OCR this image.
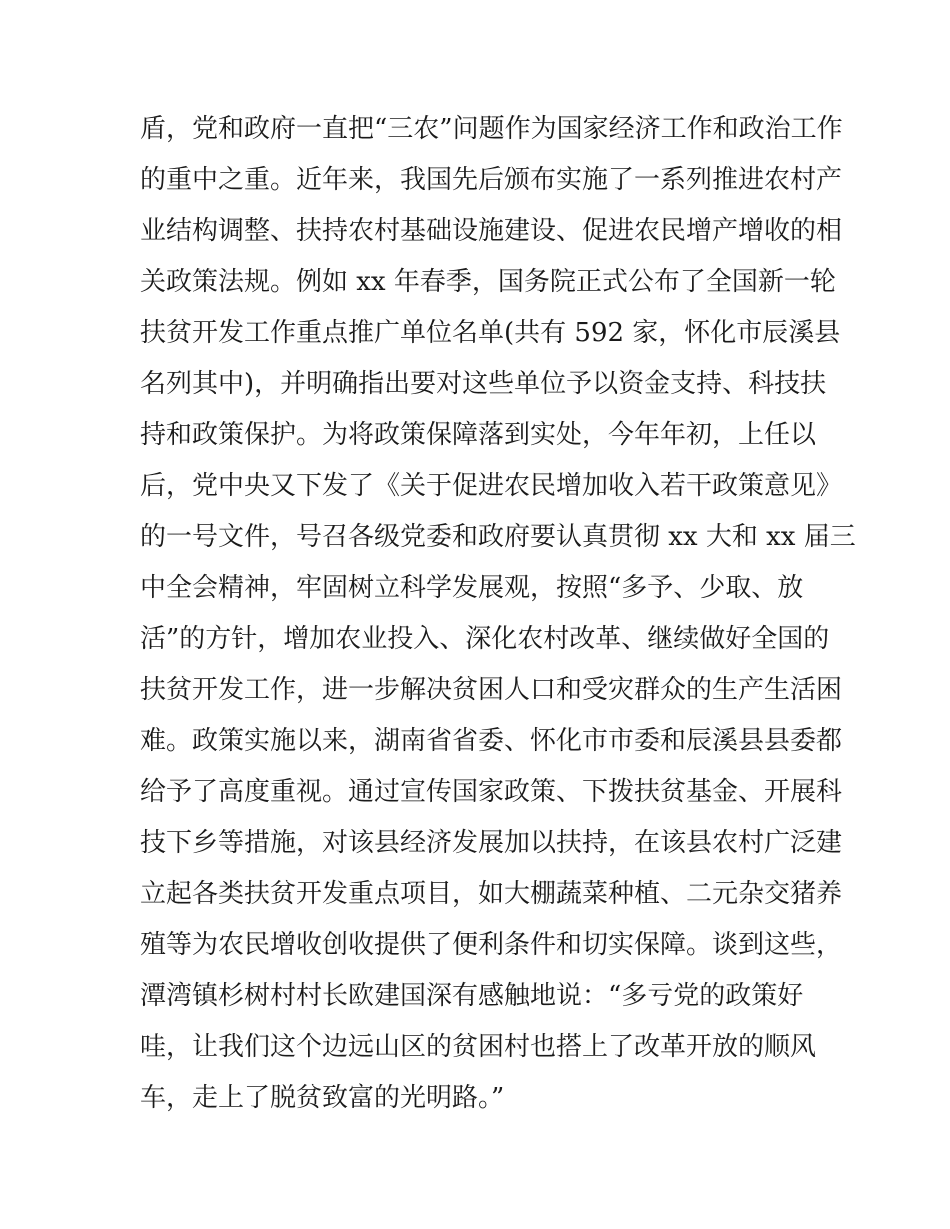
盾，党和政府一直把“三农”问题作为国家经济工作和政治工作
的重中之重。近年来，我国先后颁布实施了一系列推进农村产
业结构调整、扶持农村基础设施建设、促进农民增产增收的相
关政策法规。例如 xx 年春季，国务院正式公布了全国新一轮
扶贫开发工作重点推广单位名单(共有 592 家，怀化市辰溪县
名列其中)，并明确指出要对这些单位予以资金支持、科技扶
持和政策保护。为将政策保障落到实处，今年年初，上任以
后，党中央又下发了《关于促进农民增加收入若干政策意见》
的一号文件，号召各级党委和政府要认真贯彻 xx 大和 xx 届三
中全会精神，牢固树立科学发展观，按照“多予、少取、放
活”的方针，增加农业投入、深化农村改革、继续做好全国的
扶贫开发工作，进一步解决贫困人口和受灾群众的生产生活困
难。政策实施以来，湖南省省委、怀化市市委和辰溪县县委都
给予了高度重视。通过宣传国家政策、下拨扶贫基金、开展科
技下乡等措施，对该县经济发展加以扶持，在该县农村广泛建
立起各类扶贫开发重点项目，如大棚蔬菜种植、二元杂交猪养
殖等为农民增收创收提供了便利条件和切实保障。谈到这些，
潭湾镇杉树村村长欧建国深有感触地说：“多亏党的政策好
哇，让我们这个边远山区的贫困村也搭上了改革开放的顺风
车，走上了脱贫致富的光明路。”
